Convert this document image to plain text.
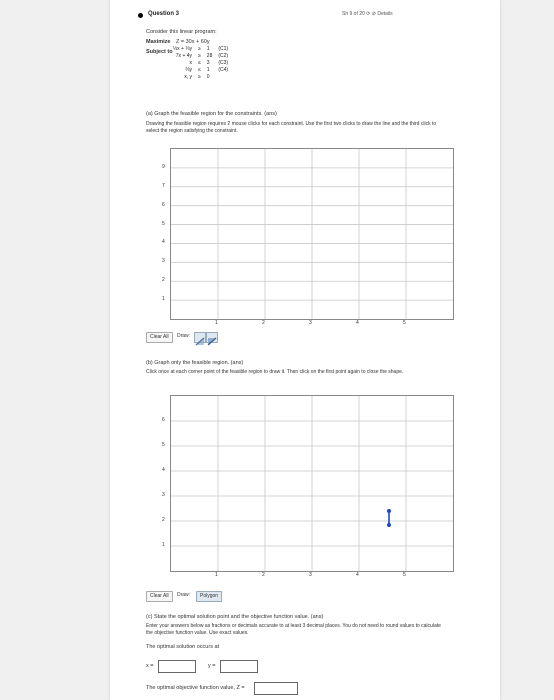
Question 3	Sh 9 of 20 ⟳ ⊘ Details
Consider this linear program:
Maximize Z = 30x + 60y
Subject to ⅓x + ⅓y	≥	1	(C1)
7x + 4y	≥	28	(C2)
x	≤	3	(C3)
⅔y	≤	1	(C4)
x, y	≥	0	
(a) Graph the feasible region for the constraints. (ans)
Drawing the feasible region requires 2 mouse clicks for each constraint. Use the first two clicks to draw the line and the third click to select the region satisfying the constraint.
9
7
6
5
4
3
2
1
1	2	3	4	5
Clear All	Draw:
(b) Graph only the feasible region. (ans)
Click once at each corner point of the feasible region to draw it. Then click on the first point again to close the shape.
6
5
4
3
2
1
1	2	3	4	5
Clear All	Draw:	Polygon
(c) State the optimal solution point and the objective function value. (ans)
Enter your answers below as fractions or decimals accurate to at least 3 decimal places. You do not need to round values to calculate the objective function value. Use exact values.
The optimal solution occurs at
x =	y =
The optimal objective function value, Z =
